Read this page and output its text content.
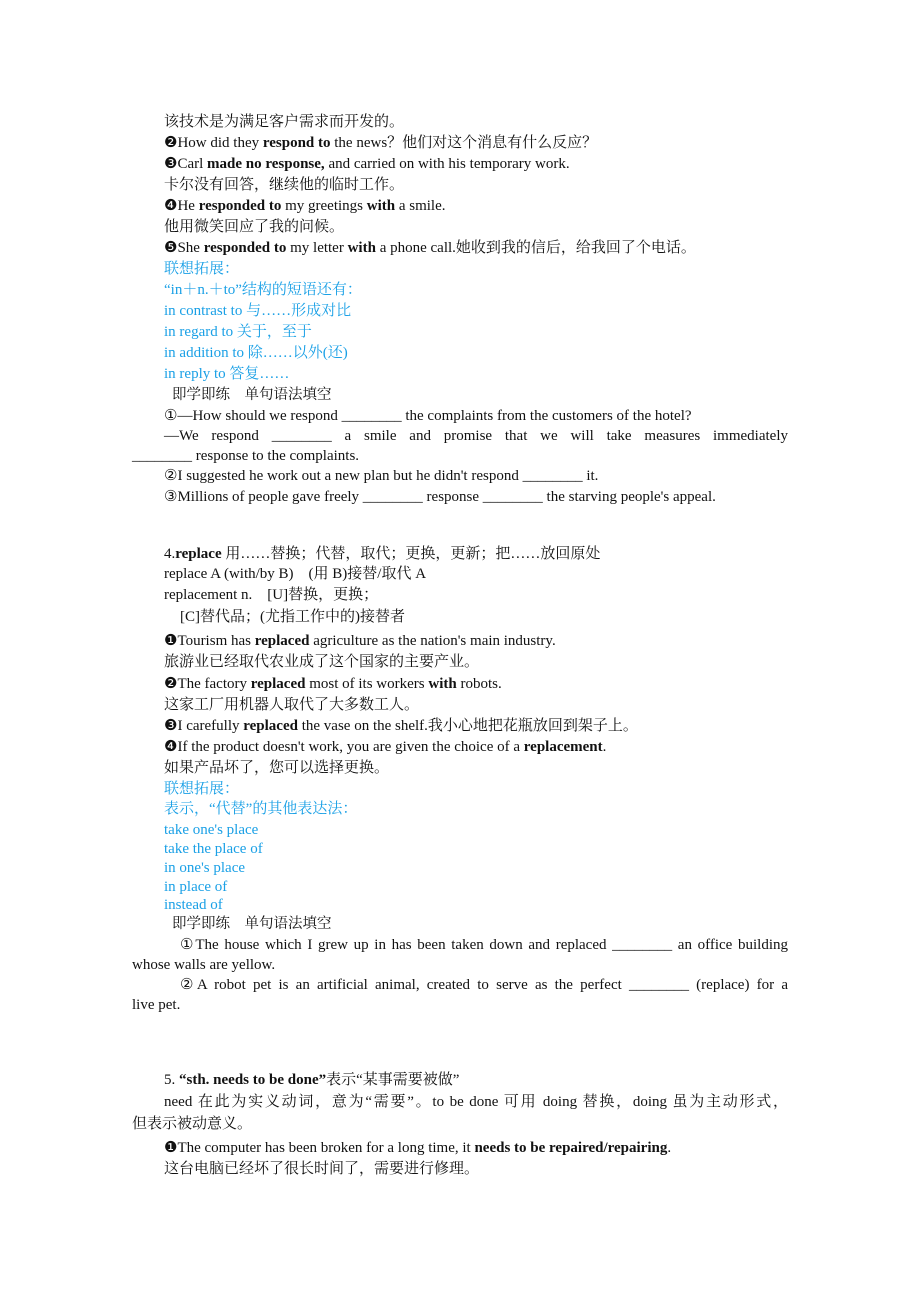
该技术是为满足客户需求而开发的。
❷How did they respond to the news？他们对这个消息有什么反应？
❸Carl made no response, and carried on with his temporary work.
卡尔没有回答，继续他的临时工作。
❹He responded to my greetings with a smile.
他用微笑回应了我的问候。
❺She responded to my letter with a phone call.她收到我的信后，给我回了个电话。
联想拓展：
“in＋n.＋to”结构的短语还有：
in contrast to 与……形成对比
in regard to 关于，至于
in addition to 除……以外(还)
in reply to 答复……
即学即练　单句语法填空
①—How should we respond ________ the complaints from the customers of the hotel?
—We respond ________ a smile and promise that we will take measures immediately
________ response to the complaints.
②I suggested he work out a new plan but he didn't respond ________ it.
③Millions of people gave freely ________ response ________ the starving people's appeal.
4.replace 用……替换；代替，取代；更换，更新；把……放回原处
replace A (with/by B)　(用 B)接替/取代 A
replacement n.　[U]替换，更换；
[C]替代品；(尤指工作中的)接替者
❶Tourism has replaced agriculture as the nation's main industry.
旅游业已经取代农业成了这个国家的主要产业。
❷The factory replaced most of its workers with robots.
这家工厂用机器人取代了大多数工人。
❸I carefully replaced the vase on the shelf.我小心地把花瓶放回到架子上。
❹If the product doesn't work, you are given the choice of a replacement.
如果产品坏了，您可以选择更换。
联想拓展：
表示，“代替”的其他表达法：
take one's place
take the place of
in one's place
in place of
instead of
即学即练　单句语法填空
①The house which I grew up in has been taken down and replaced ________ an office building
whose walls are yellow.
②A robot pet is an artificial animal, created to serve as the perfect ________ (replace) for a
live pet.
5. “sth. needs to be done”表示“某事需要被做”
need 在此为实义动词，意为“需要”。to be done 可用 doing 替换，doing 虽为主动形式，
但表示被动意义。
❶The computer has been broken for a long time, it needs to be repaired/repairing.
这台电脑已经坏了很长时间了，需要进行修理。
